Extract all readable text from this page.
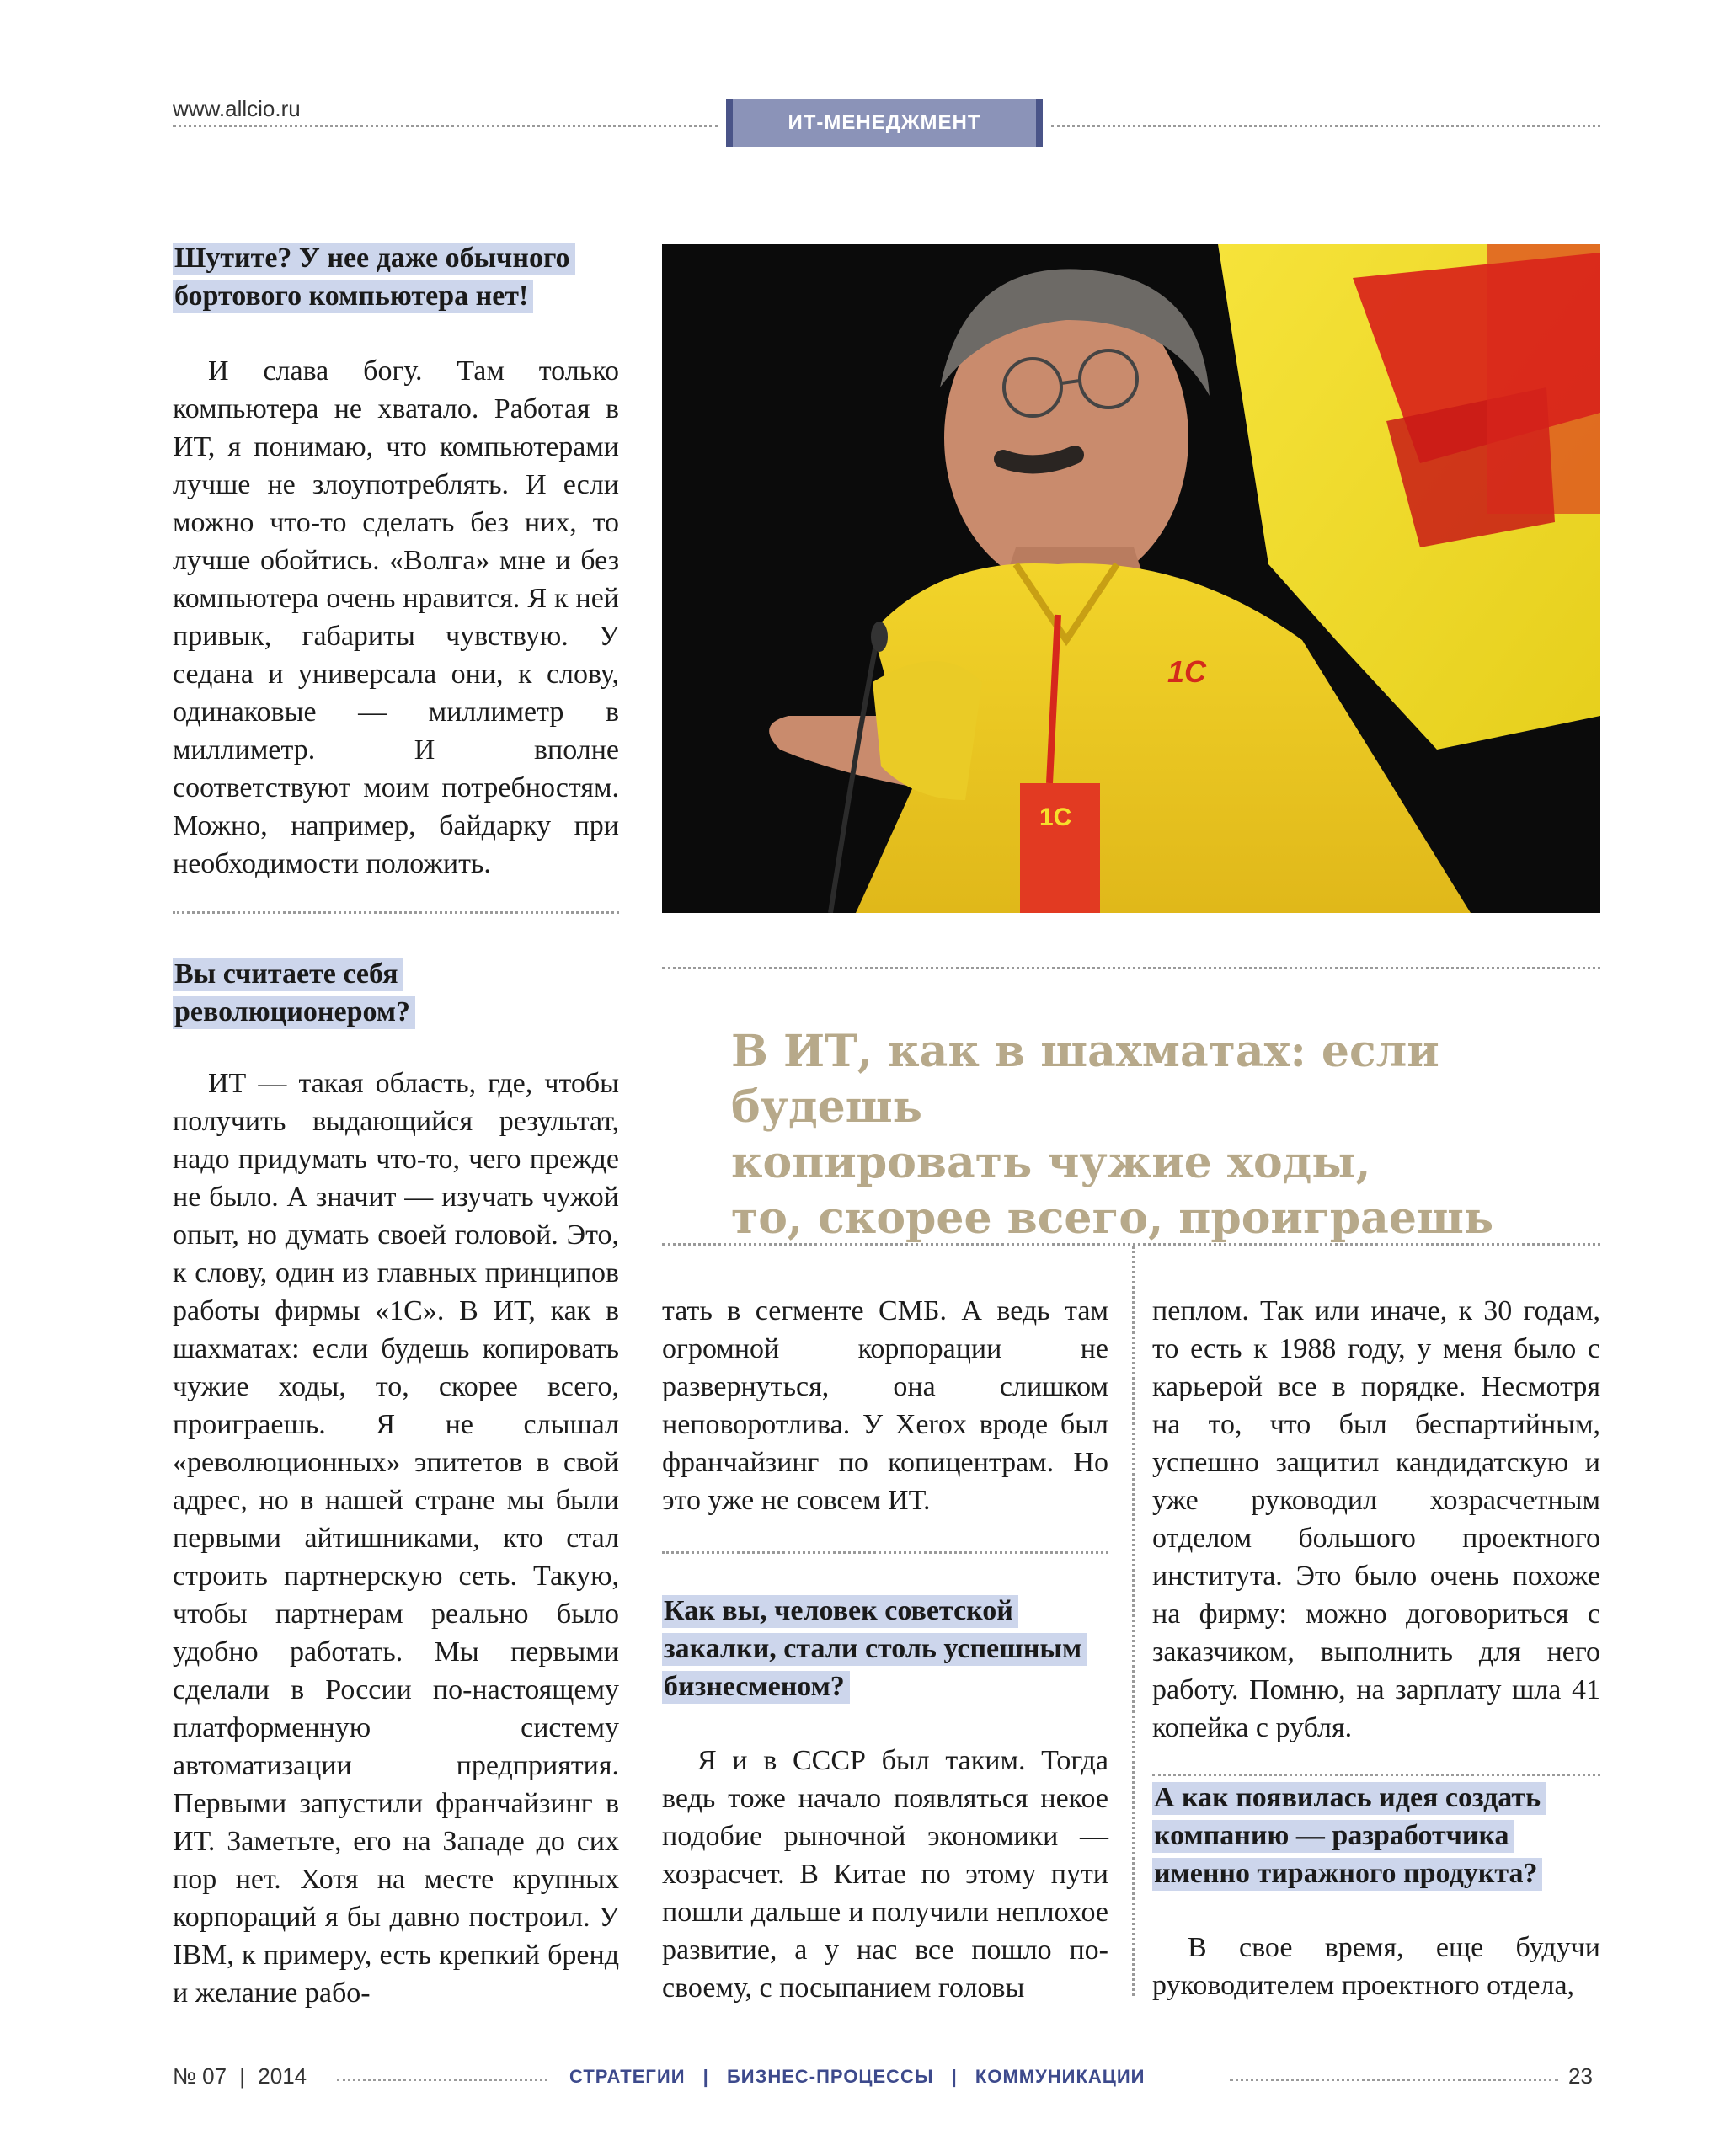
www.allcio.ru
ИТ-МЕНЕДЖМЕНТ
Шутите? У нее даже обычного бортового компьютера нет!

И слава богу. Там только компьютера не хватало. Работая в ИТ, я понимаю, что компьютерами лучше не злоупотреблять. И если можно что-то сделать без них, то лучше обойтись. «Волга» мне и без компьютера очень нравится. Я к ней привык, габариты чувствую. У седана и универсала они, к слову, одинаковые — миллиметр в миллиметр. И вполне соответствуют моим потребностям. Можно, например, байдарку при необходимости положить.

Вы считаете себя революционером?

ИТ — такая область, где, чтобы получить выдающийся результат, надо придумать что-то, чего прежде не было. А значит — изучать чужой опыт, но думать своей головой. Это, к слову, один из главных принципов работы фирмы «1С». В ИТ, как в шахматах: если будешь копировать чужие ходы, то, скорее всего, проиграешь. Я не слышал «революционных» эпитетов в свой адрес, но в нашей стране мы были первыми айтишниками, кто стал строить партнерскую сеть. Такую, чтобы партнерам реально было удобно работать. Мы первыми сделали в России по-настоящему платформенную систему автоматизации предприятия. Первыми запустили франчайзинг в ИТ. Заметьте, его на Западе до сих пор нет. Хотя на месте крупных корпораций я бы давно построил. У IBM, к примеру, есть крепкий бренд и желание рабо-

1С
1С
В ИТ, как в шахматах: если будешь
копировать чужие ходы,
то, скорее всего, проиграешь

тать в сегменте СМБ. А ведь там огромной корпорации не развернуться, она слишком неповоротлива. У Xerox вроде был франчайзинг по копицентрам. Но это уже не совсем ИТ.

Как вы, человек советской закалки, стали столь успешным бизнесменом?

Я и в СССР был таким. Тогда ведь тоже начало появляться некое подобие рыночной экономики — хозрасчет. В Китае по этому пути пошли дальше и получили неплохое развитие, а у нас все пошло по-своему, с посыпанием головы

пеплом. Так или иначе, к 30 годам, то есть к 1988 году, у меня было с карьерой все в порядке. Несмотря на то, что был беспартийным, успешно защитил кандидатскую и уже руководил хозрасчетным отделом большого проектного института. Это было очень похоже на фирму: можно договориться с заказчиком, выполнить для него работу. Помню, на зарплату шла 41 копейка с рубля.

А как появилась идея создать компанию — разработчика именно тиражного продукта?

В свое время, еще будучи руководителем проектного отдела,

№ 07 | 2014	СТРАТЕГИИ | БИЗНЕС-ПРОЦЕССЫ | КОММУНИКАЦИИ	23
